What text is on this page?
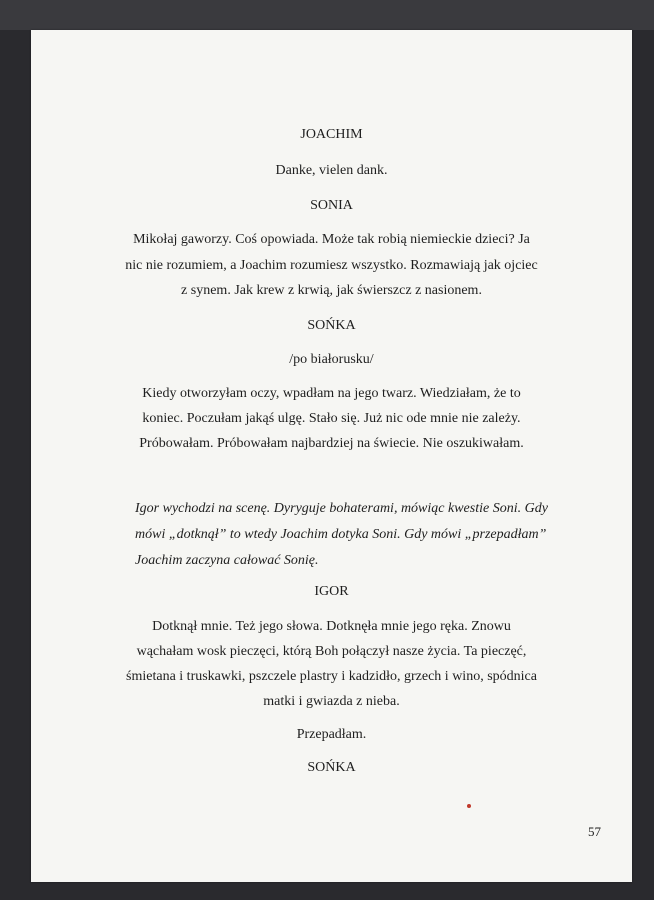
JOACHIM
Danke, vielen dank.
SONIA
Mikołaj gaworzy. Coś opowiada. Może tak robią niemieckie dzieci? Ja
nic nie rozumiem, a Joachim rozumiesz wszystko. Rozmawiają jak ojciec
z synem. Jak krew z krwią, jak świerszcz z nasionem.
SOŃKA
/po białorusku/
Kiedy otworzyłam oczy, wpadłam na jego twarz. Wiedziałam, że to
koniec. Poczułam jakąś ulgę. Stało się. Już nic ode mnie nie zależy.
Próbowałam. Próbowałam najbardziej na świecie. Nie oszukiwałam.
Igor wychodzi na scenę. Dyryguje bohaterami, mówiąc kwestie Soni. Gdy
mówi „dotknął” to wtedy Joachim dotyka Soni. Gdy mówi „przepadłam”
Joachim zaczyna całować Sonię.
IGOR
Dotknął mnie. Też jego słowa. Dotknęła mnie jego ręka. Znowu
wąchałam wosk pieczęci, którą Boh połączył nasze życia. Ta pieczęć,
śmietana i truskawki, pszczele plastry i kadzidło, grzech i wino, spódnica
matki i gwiazda z nieba.
Przepadłam.
SOŃKA
57
